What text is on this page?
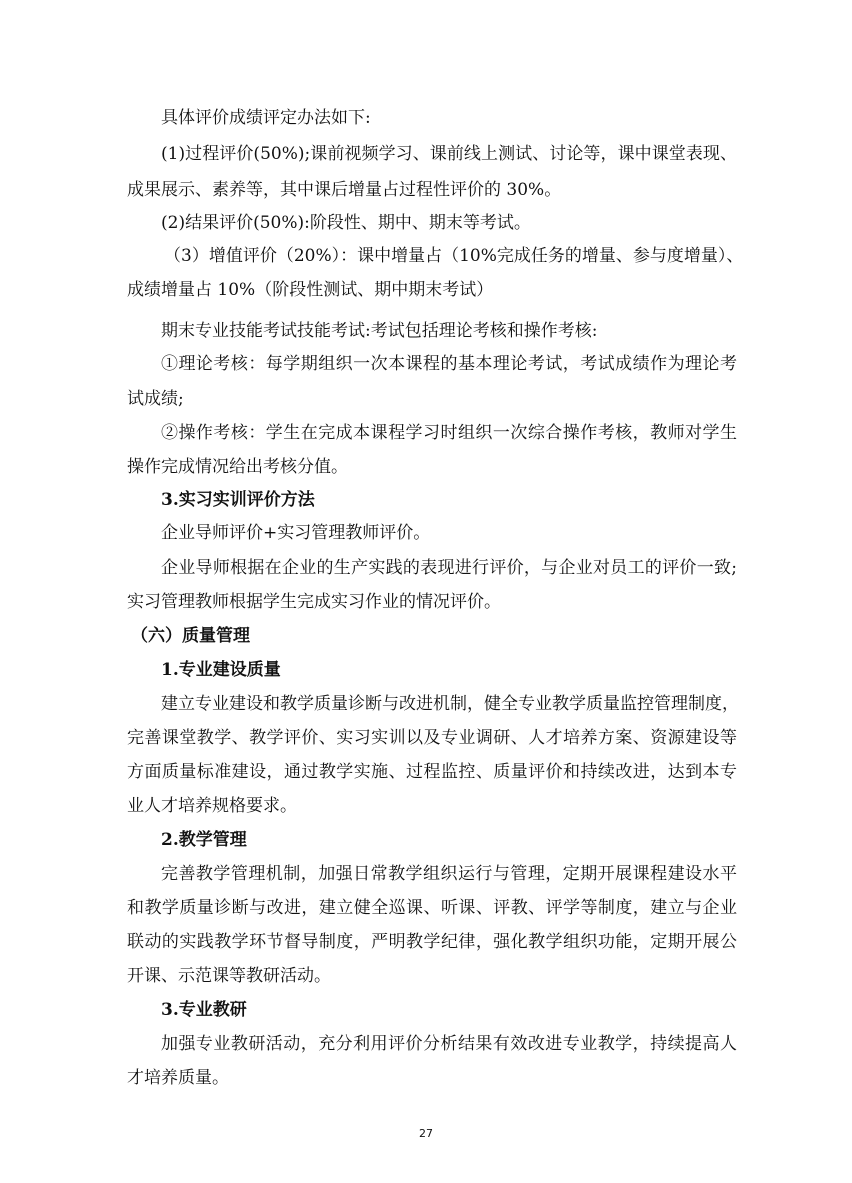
具体评价成绩评定办法如下:
(1)过程评价(50%);课前视频学习、课前线上测试、讨论等，课中课堂表现、
成果展示、素养等，其中课后增量占过程性评价的 30%。
(2)结果评价(50%):阶段性、期中、期末等考试。
（3）增值评价（20%）：课中增量占（10%完成任务的增量、参与度增量）、
成绩增量占 10%（阶段性测试、期中期末考试）
期末专业技能考试技能考试:考试包括理论考核和操作考核:
①理论考核：每学期组织一次本课程的基本理论考试，考试成绩作为理论考
试成绩;
②操作考核：学生在完成本课程学习时组织一次综合操作考核，教师对学生
操作完成情况给出考核分值。
3.实习实训评价方法
企业导师评价+实习管理教师评价。
企业导师根据在企业的生产实践的表现进行评价，与企业对员工的评价一致;
实习管理教师根据学生完成实习作业的情况评价。
（六）质量管理
1.专业建设质量
建立专业建设和教学质量诊断与改进机制，健全专业教学质量监控管理制度，
完善课堂教学、教学评价、实习实训以及专业调研、人才培养方案、资源建设等
方面质量标准建设，通过教学实施、过程监控、质量评价和持续改进，达到本专
业人才培养规格要求。
2.教学管理
完善教学管理机制，加强日常教学组织运行与管理，定期开展课程建设水平
和教学质量诊断与改进，建立健全巡课、听课、评教、评学等制度，建立与企业
联动的实践教学环节督导制度，严明教学纪律，强化教学组织功能，定期开展公
开课、示范课等教研活动。
3.专业教研
加强专业教研活动，充分利用评价分析结果有效改进专业教学，持续提高人
才培养质量。
27
